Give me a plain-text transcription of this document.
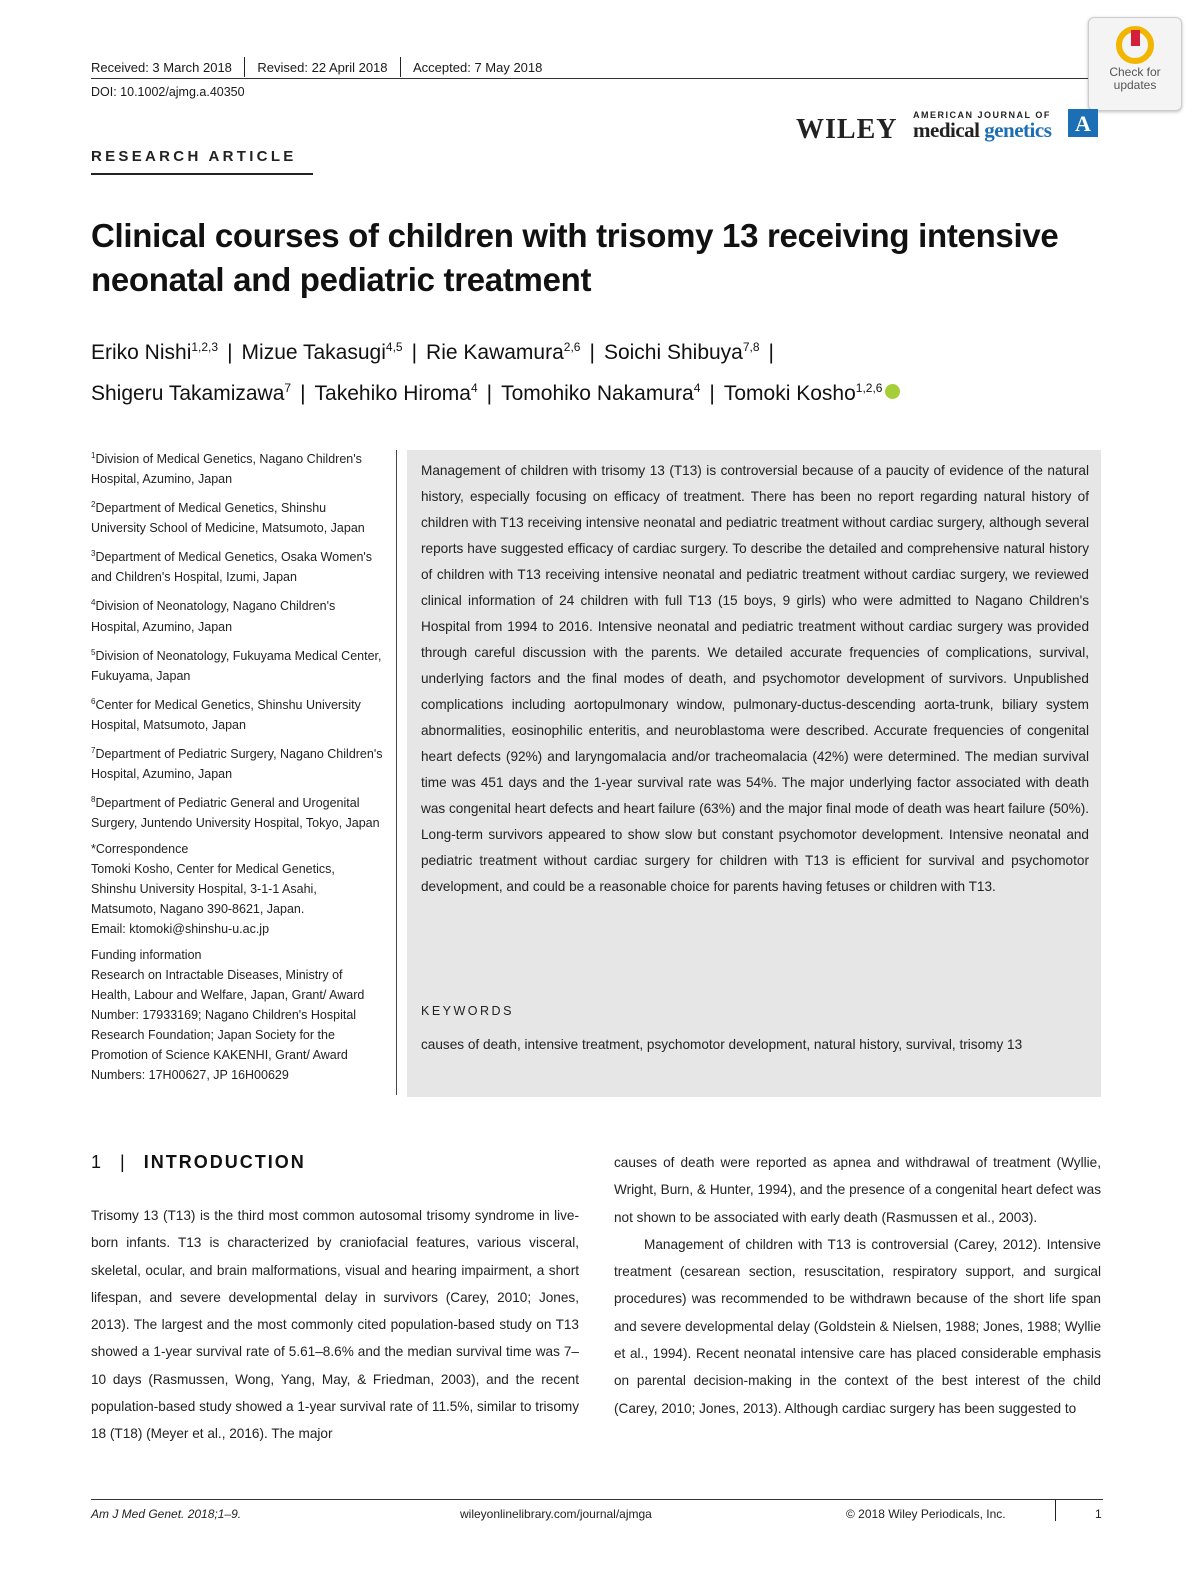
Received: 3 March 2018 Revised: 22 April 2018 Accepted: 7 May 2018
DOI: 10.1002/ajmg.a.40350
Check for
updates
WILEY AMERICAN JOURNAL OF
medical genetics	A
RESEARCH ARTICLE
Clinical courses of children with trisomy 13 receiving intensive neonatal and pediatric treatment
Eriko Nishi$^{1,2,3}$ | Mizue Takasugi$^{4,5}$ | Rie Kawamura$^{2,6}$ | Soichi Shibuya$^{7,8}$ |
Shigeru Takamizawa$^7$ | Takehiko Hiroma$^4$ | Tomohiko Nakamura$^4$ | Tomoki Kosho$^{1,2,6}$
$^1$Division of Medical Genetics, Nagano Children's Hospital, Azumino, Japan
$^2$Department of Medical Genetics, Shinshu University School of Medicine, Matsumoto, Japan
$^3$Department of Medical Genetics, Osaka Women's and Children's Hospital, Izumi, Japan
$^4$Division of Neonatology, Nagano Children's Hospital, Azumino, Japan
$^5$Division of Neonatology, Fukuyama Medical Center, Fukuyama, Japan
$^6$Center for Medical Genetics, Shinshu University Hospital, Matsumoto, Japan
$^7$Department of Pediatric Surgery, Nagano Children's Hospital, Azumino, Japan
$^8$Department of Pediatric General and Urogenital Surgery, Juntendo University Hospital, Tokyo, Japan
*Correspondence
Tomoki Kosho, Center for Medical Genetics, Shinshu University Hospital, 3-1-1 Asahi, Matsumoto, Nagano 390-8621, Japan.
Email: ktomoki@shinshu-u.ac.jp
Funding information
Research on Intractable Diseases, Ministry of Health, Labour and Welfare, Japan, Grant/ Award Number: 17933169; Nagano Children's Hospital Research Foundation; Japan Society for the Promotion of Science KAKENHI, Grant/ Award Numbers: 17H00627, JP 16H00629
Management of children with trisomy 13 (T13) is controversial because of a paucity of evidence of the natural history, especially focusing on efficacy of treatment. There has been no report regarding natural history of children with T13 receiving intensive neonatal and pediatric treatment without cardiac surgery, although several reports have suggested efficacy of cardiac surgery. To describe the detailed and comprehensive natural history of children with T13 receiving intensive neonatal and pediatric treatment without cardiac surgery, we reviewed clinical information of 24 children with full T13 (15 boys, 9 girls) who were admitted to Nagano Children's Hospital from 1994 to 2016. Intensive neonatal and pediatric treatment without cardiac surgery was provided through careful discussion with the parents. We detailed accurate frequencies of complications, survival, underlying factors and the final modes of death, and psychomotor development of survivors. Unpublished complications including aortopulmonary window, pulmonary-ductus-descending aorta-trunk, biliary system abnormalities, eosinophilic enteritis, and neuroblastoma were described. Accurate frequencies of congenital heart defects (92%) and laryngomalacia and/or tracheomalacia (42%) were determined. The median survival time was 451 days and the 1-year survival rate was 54%. The major underlying factor associated with death was congenital heart defects and heart failure (63%) and the major final mode of death was heart failure (50%). Long-term survivors appeared to show slow but constant psychomotor development. Intensive neonatal and pediatric treatment without cardiac surgery for children with T13 is efficient for survival and psychomotor development, and could be a reasonable choice for parents having fetuses or children with T13.
KEYWORDS
causes of death, intensive treatment, psychomotor development, natural history, survival, trisomy 13
1 | INTRODUCTION
Trisomy 13 (T13) is the third most common autosomal trisomy syndrome in live-born infants. T13 is characterized by craniofacial features, various visceral, skeletal, ocular, and brain malformations, visual and hearing impairment, a short lifespan, and severe developmental delay in survivors (Carey, 2010; Jones, 2013). The largest and the most commonly cited population-based study on T13 showed a 1-year survival rate of 5.61–8.6% and the median survival time was 7–10 days (Rasmussen, Wong, Yang, May, & Friedman, 2003), and the recent population-based study showed a 1-year survival rate of 11.5%, similar to trisomy 18 (T18) (Meyer et al., 2016). The major
causes of death were reported as apnea and withdrawal of treatment (Wyllie, Wright, Burn, & Hunter, 1994), and the presence of a congenital heart defect was not shown to be associated with early death (Rasmussen et al., 2003).
Management of children with T13 is controversial (Carey, 2012). Intensive treatment (cesarean section, resuscitation, respiratory support, and surgical procedures) was recommended to be withdrawn because of the short life span and severe developmental delay (Goldstein & Nielsen, 1988; Jones, 1988; Wyllie et al., 1994). Recent neonatal intensive care has placed considerable emphasis on parental decision-making in the context of the best interest of the child (Carey, 2010; Jones, 2013). Although cardiac surgery has been suggested to
Am J Med Genet. 2018;1–9.	wileyonlinelibrary.com/journal/ajmga	© 2018 Wiley Periodicals, Inc.	1
